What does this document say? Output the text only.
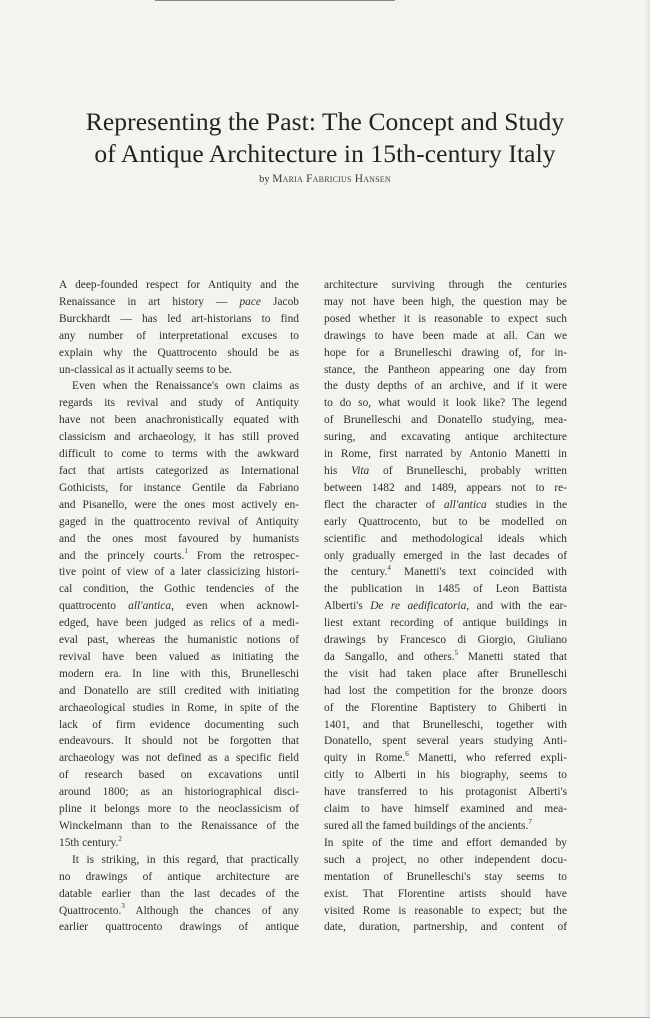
Representing the Past: The Concept and Study
of Antique Architecture in 15th-century Italy
by Maria Fabricius Hansen
A deep-founded respect for Antiquity and the
Renaissance in art history — pace Jacob
Burckhardt — has led art-historians to find
any number of interpretational excuses to
explain why the Quattrocento should be as
un-classical as it actually seems to be.
Even when the Renaissance's own claims as
regards its revival and study of Antiquity
have not been anachronistically equated with
classicism and archaeology, it has still proved
difficult to come to terms with the awkward
fact that artists categorized as International
Gothicists, for instance Gentile da Fabriano
and Pisanello, were the ones most actively en-
gaged in the quattrocento revival of Antiquity
and the ones most favoured by humanists
and the princely courts.$^1$ From the retrospec-
tive point of view of a later classicizing histori-
cal condition, the Gothic tendencies of the
quattrocento all'antica, even when acknowl-
edged, have been judged as relics of a medi-
eval past, whereas the humanistic notions of
revival have been valued as initiating the
modern era. In line with this, Brunelleschi
and Donatello are still credited with initiating
archaeological studies in Rome, in spite of the
lack of firm evidence documenting such
endeavours. It should not be forgotten that
archaeology was not defined as a specific field
of research based on excavations until
around 1800; as an historiographical disci-
pline it belongs more to the neoclassicism of
Winckelmann than to the Renaissance of the
15th century.$^2$
It is striking, in this regard, that practically
no drawings of antique architecture are
datable earlier than the last decades of the
Quattrocento.$^3$ Although the chances of any
earlier quattrocento drawings of antique
architecture surviving through the centuries
may not have been high, the question may be
posed whether it is reasonable to expect such
drawings to have been made at all. Can we
hope for a Brunelleschi drawing of, for in-
stance, the Pantheon appearing one day from
the dusty depths of an archive, and if it were
to do so, what would it look like? The legend
of Brunelleschi and Donatello studying, mea-
suring, and excavating antique architecture
in Rome, first narrated by Antonio Manetti in
his Vita of Brunelleschi, probably written
between 1482 and 1489, appears not to re-
flect the character of all'antica studies in the
early Quattrocento, but to be modelled on
scientific and methodological ideals which
only gradually emerged in the last decades of
the century.$^4$ Manetti's text coincided with
the publication in 1485 of Leon Battista
Alberti's De re aedificatoria, and with the ear-
liest extant recording of antique buildings in
drawings by Francesco di Giorgio, Giuliano
da Sangallo, and others.$^5$ Manetti stated that
the visit had taken place after Brunelleschi
had lost the competition for the bronze doors
of the Florentine Baptistery to Ghiberti in
1401, and that Brunelleschi, together with
Donatello, spent several years studying Anti-
quity in Rome.$^6$ Manetti, who referred expli-
citly to Alberti in his biography, seems to
have transferred to his protagonist Alberti's
claim to have himself examined and mea-
sured all the famed buildings of the ancients.$^7$
In spite of the time and effort demanded by
such a project, no other independent docu-
mentation of Brunelleschi's stay seems to
exist. That Florentine artists should have
visited Rome is reasonable to expect; but the
date, duration, partnership, and content of
